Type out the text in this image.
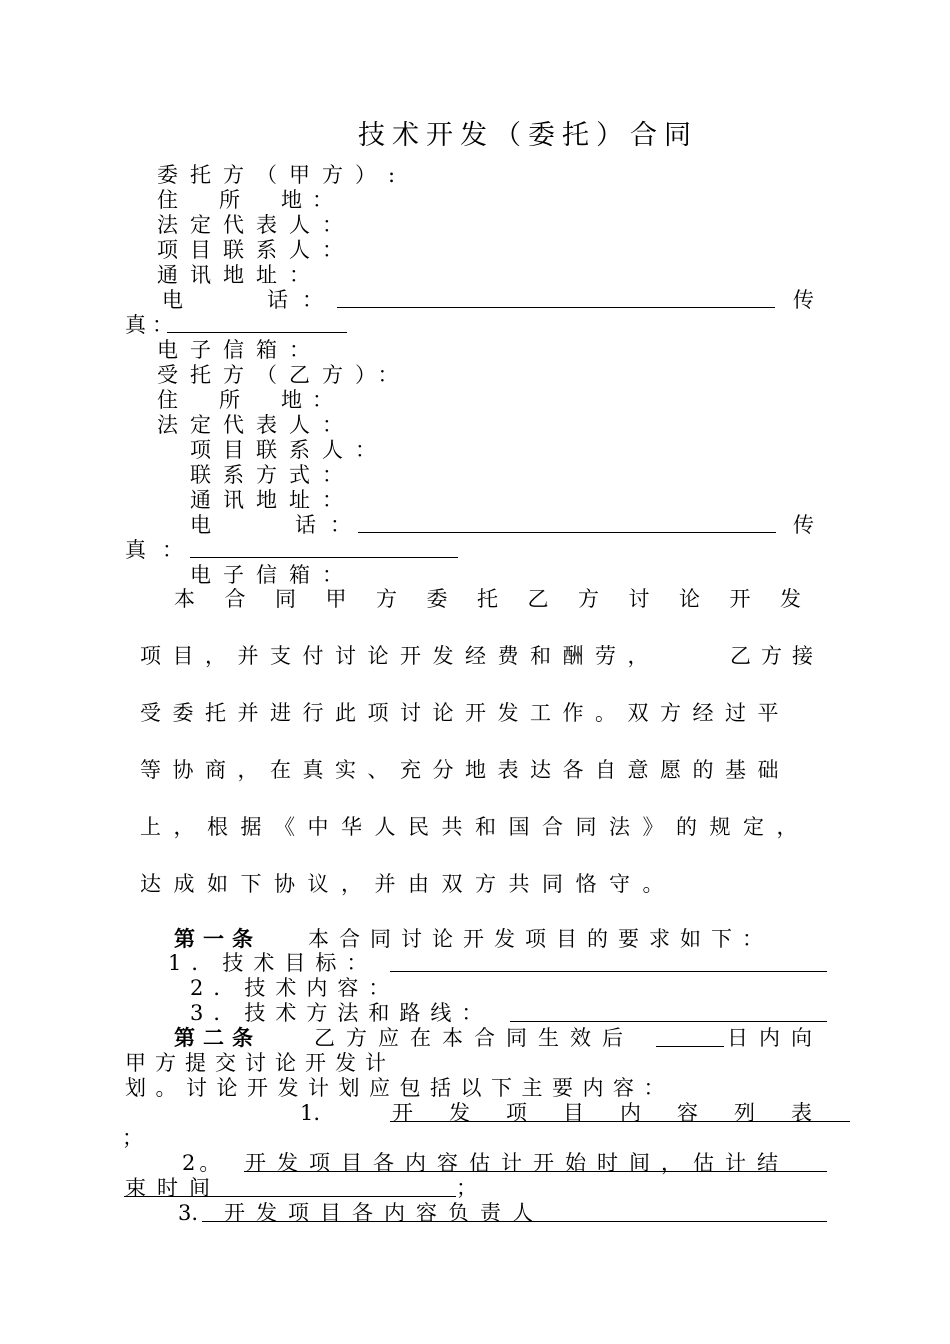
技术开发（委托）合同
委托方（甲方）:
住　所　地：
法定代表人：
项目联系人：
通讯地址：
电　　话：	传
真：
电子信箱：
受托方（乙方）：
住　所　地：
法定代表人：
项目联系人：
联系方式：
通讯地址：
电　　话：	传
真：
电子信箱：
本合同甲方委托乙方讨论开发
项目，并支付讨论开发经费和酬劳，	乙方接
受委托并进行此项讨论开发工作。双方经过平
等协商，在真实、充分地表达各自意愿的基础
上，根据《中华人民共和国合同法》的规定，
达成如下协议，并由双方共同恪守。
第一条 本合同讨论开发项目的要求如下：
1．技术目标：
2．技术内容：
3．技术方法和路线：
第二条	乙方应在本合同生效后	日内向
甲方提交讨论开发计
划。讨论开发计划应包括以下主要内容：
1.	开发项目内容列表
；
2。 开发项目各内容估计开始时间，估计结
束时间	；
3. 开发项目各内容负责人
